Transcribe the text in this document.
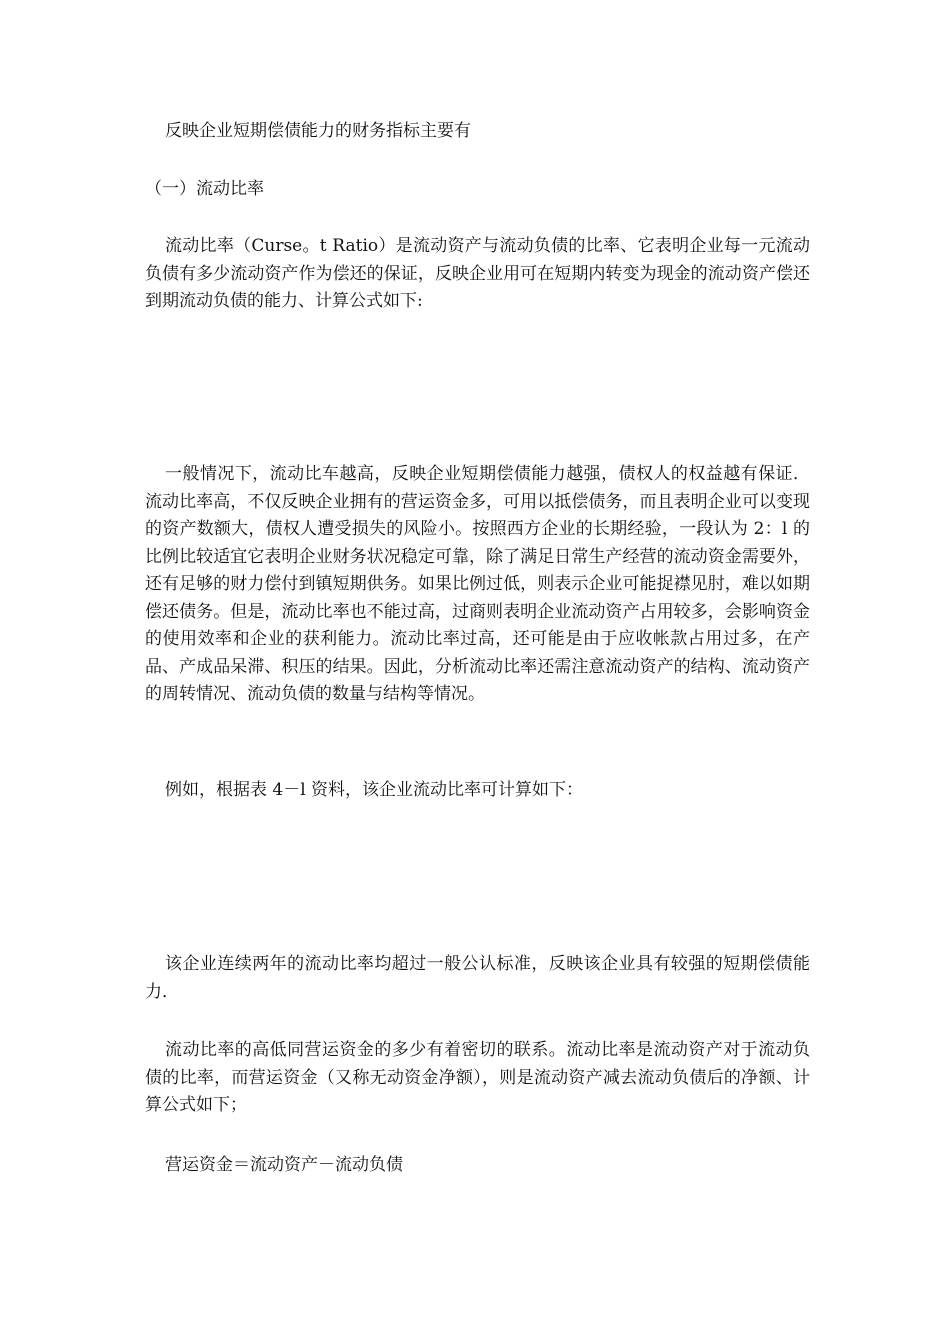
反映企业短期偿债能力的财务指标主要有

（一）流动比率

流动比率（Curse。t Ratio）是流动资产与流动负债的比率、它表明企业每一元流动负债有多少流动资产作为偿还的保证，反映企业用可在短期内转变为现金的流动资产偿还到期流动负债的能力、计算公式如下:

一般情况下，流动比车越高，反映企业短期偿债能力越强，债权人的权益越有保证．流动比率高，不仅反映企业拥有的营运资金多，可用以抵偿债务，而且表明企业可以变现的资产数额大，债权人遭受损失的风险小。按照西方企业的长期经验，一段认为 2：l 的比例比较适宜它表明企业财务状况稳定可靠，除了满足日常生产经营的流动资金需要外，还有足够的财力偿付到镇短期供务。如果比例过低，则表示企业可能捉襟见肘，难以如期偿还债务。但是，流动比率也不能过高，过商则表明企业流动资产占用较多，会影响资金的使用效率和企业的获利能力。流动比率过高，还可能是由于应收帐款占用过多，在产品、产成品呆滞、积压的结果。因此，分析流动比率还需注意流动资产的结构、流动资产的周转情况、流动负债的数量与结构等情况。

例如，根据表 4－l 资料，该企业流动比率可计算如下：

该企业连续两年的流动比率均超过一般公认标准，反映该企业具有较强的短期偿债能力．

流动比率的高低同营运资金的多少有着密切的联系。流动比率是流动资产对于流动负债的比率，而营运资金（又称无动资金净额），则是流动资产减去流动负债后的净额、计算公式如下；

营运资金＝流动资产－流动负债
